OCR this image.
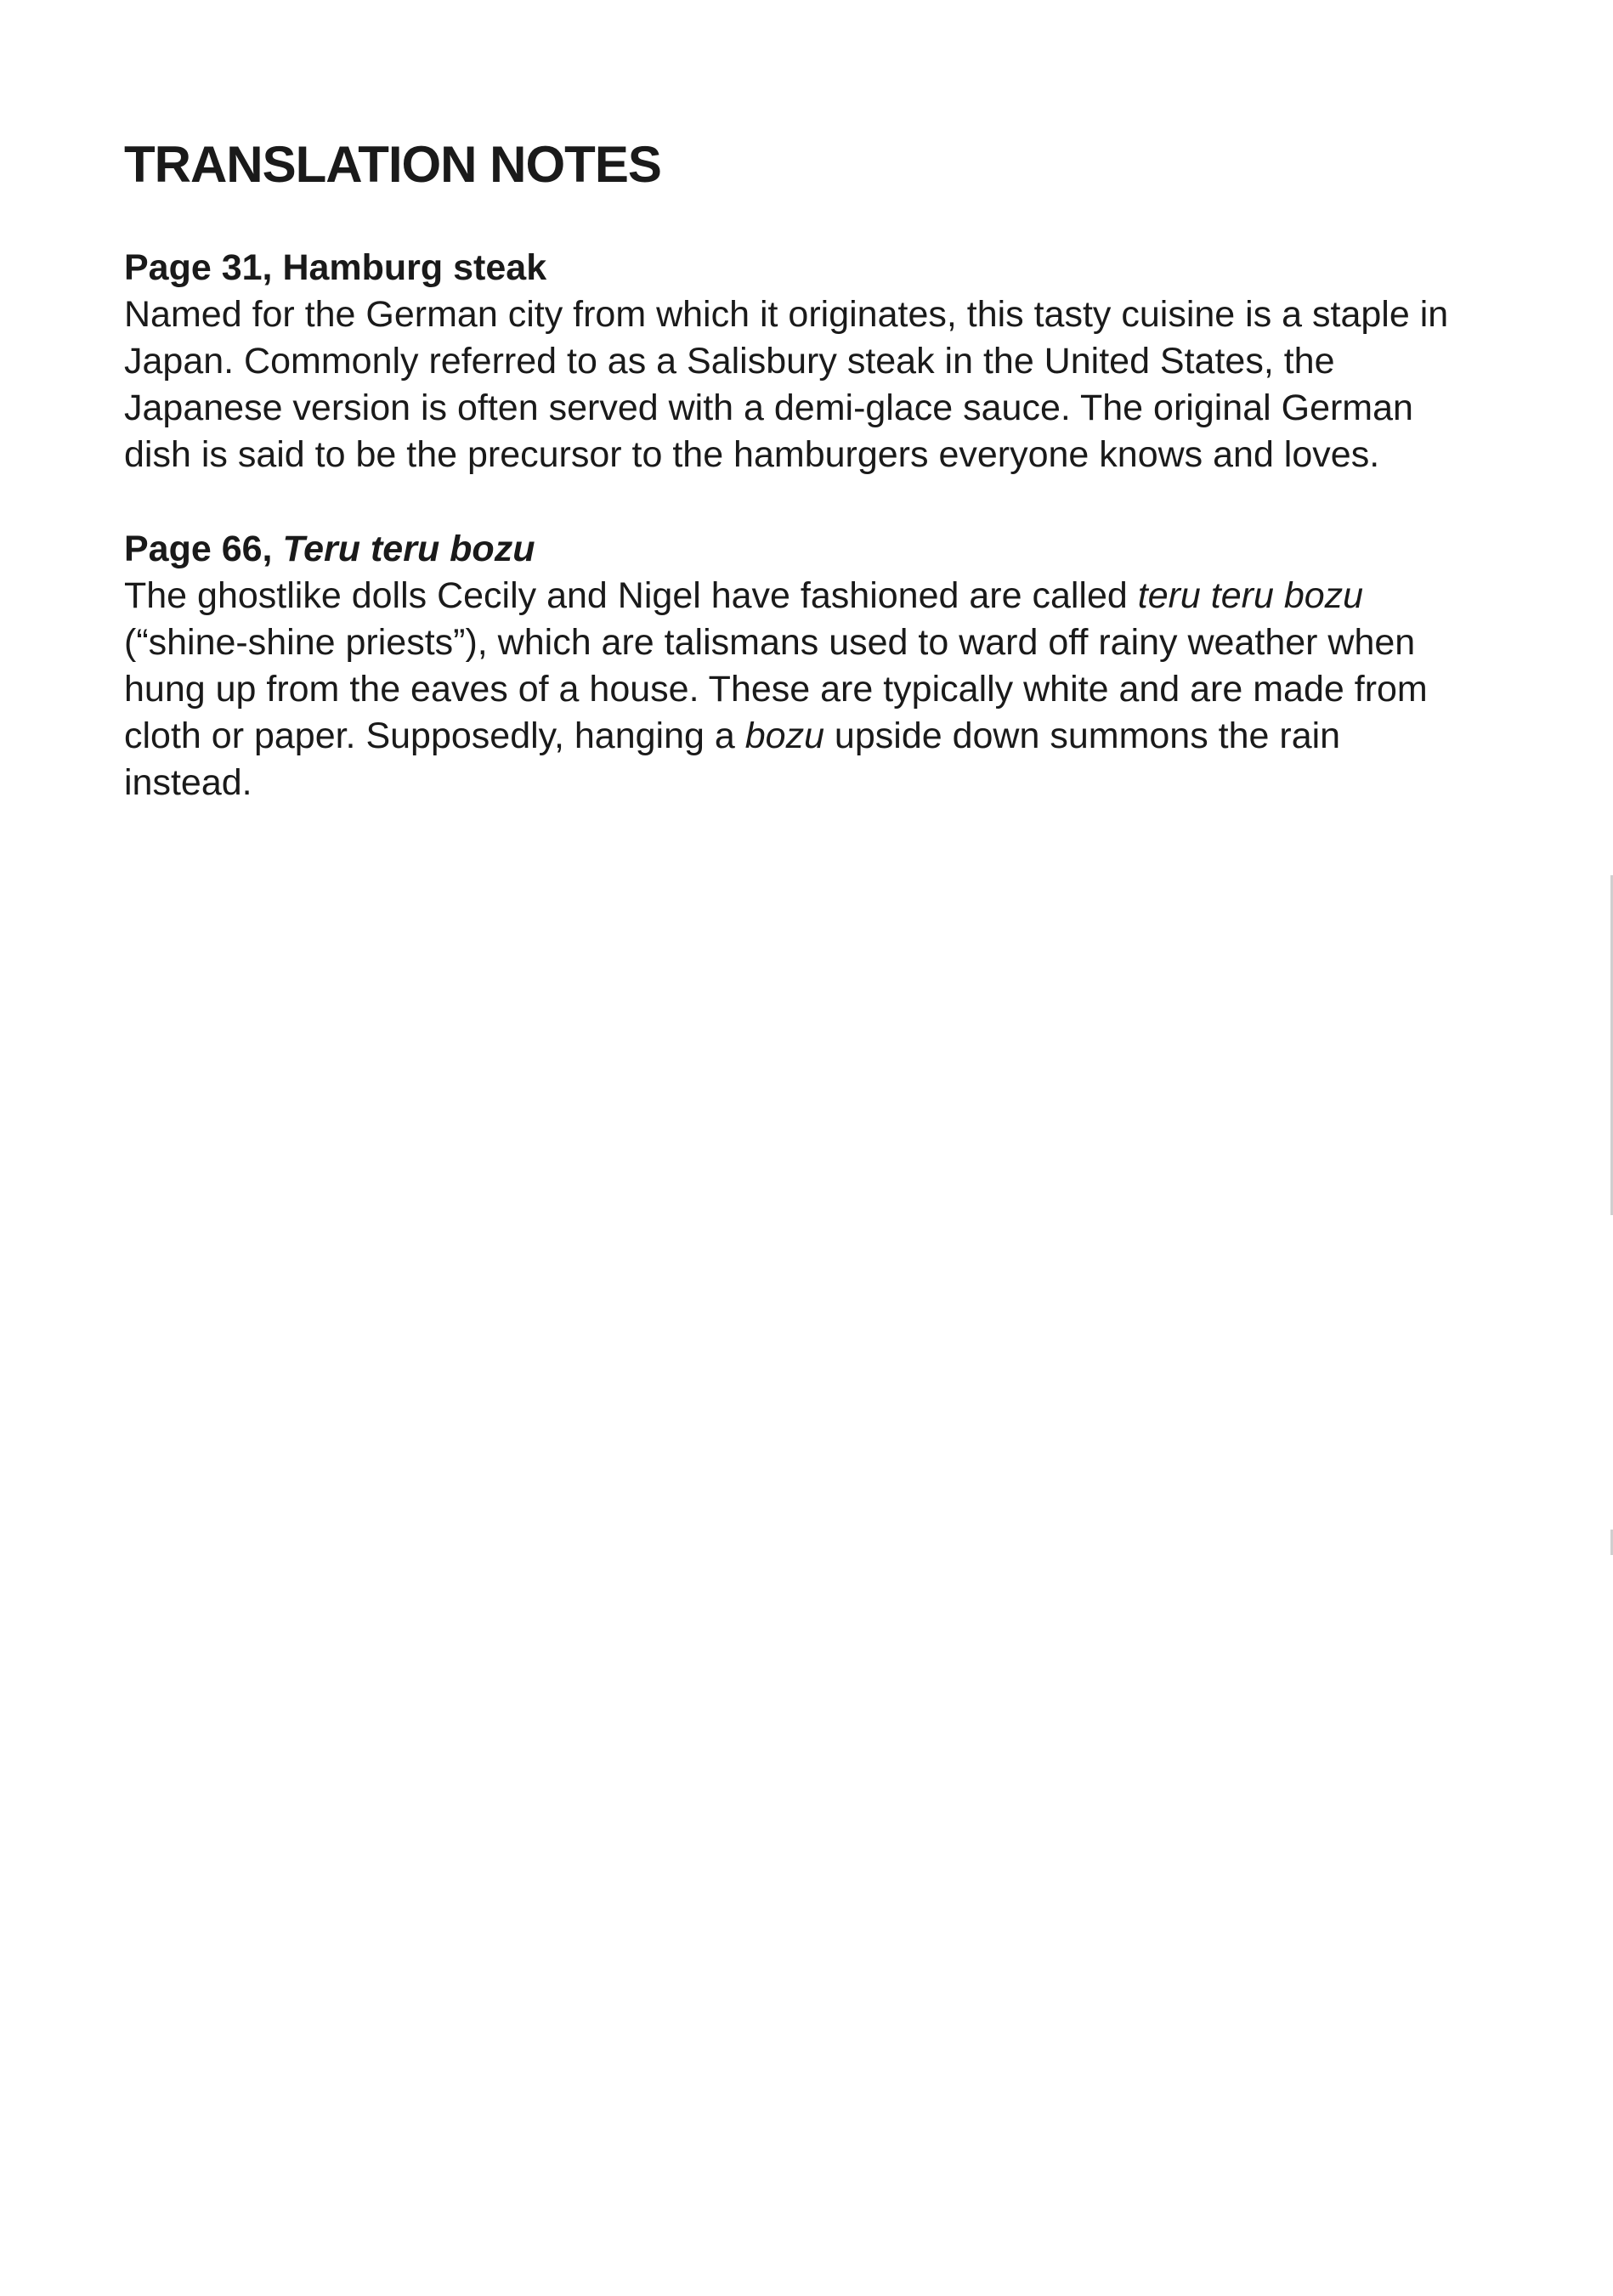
TRANSLATION NOTES

Page 31, Hamburg steak

Named for the German city from which it originates, this tasty cuisine is a staple in Japan. Commonly referred to as a Salisbury steak in the United States, the Japanese version is often served with a demi-glace sauce. The original German dish is said to be the precursor to the hamburgers everyone knows and loves.

Page 66, Teru teru bozu

The ghostlike dolls Cecily and Nigel have fashioned are called teru teru bozu (“shine-shine priests”), which are talismans used to ward off rainy weather when hung up from the eaves of a house. These are typically white and are made from cloth or paper. Supposedly, hanging a bozu upside down summons the rain instead.
